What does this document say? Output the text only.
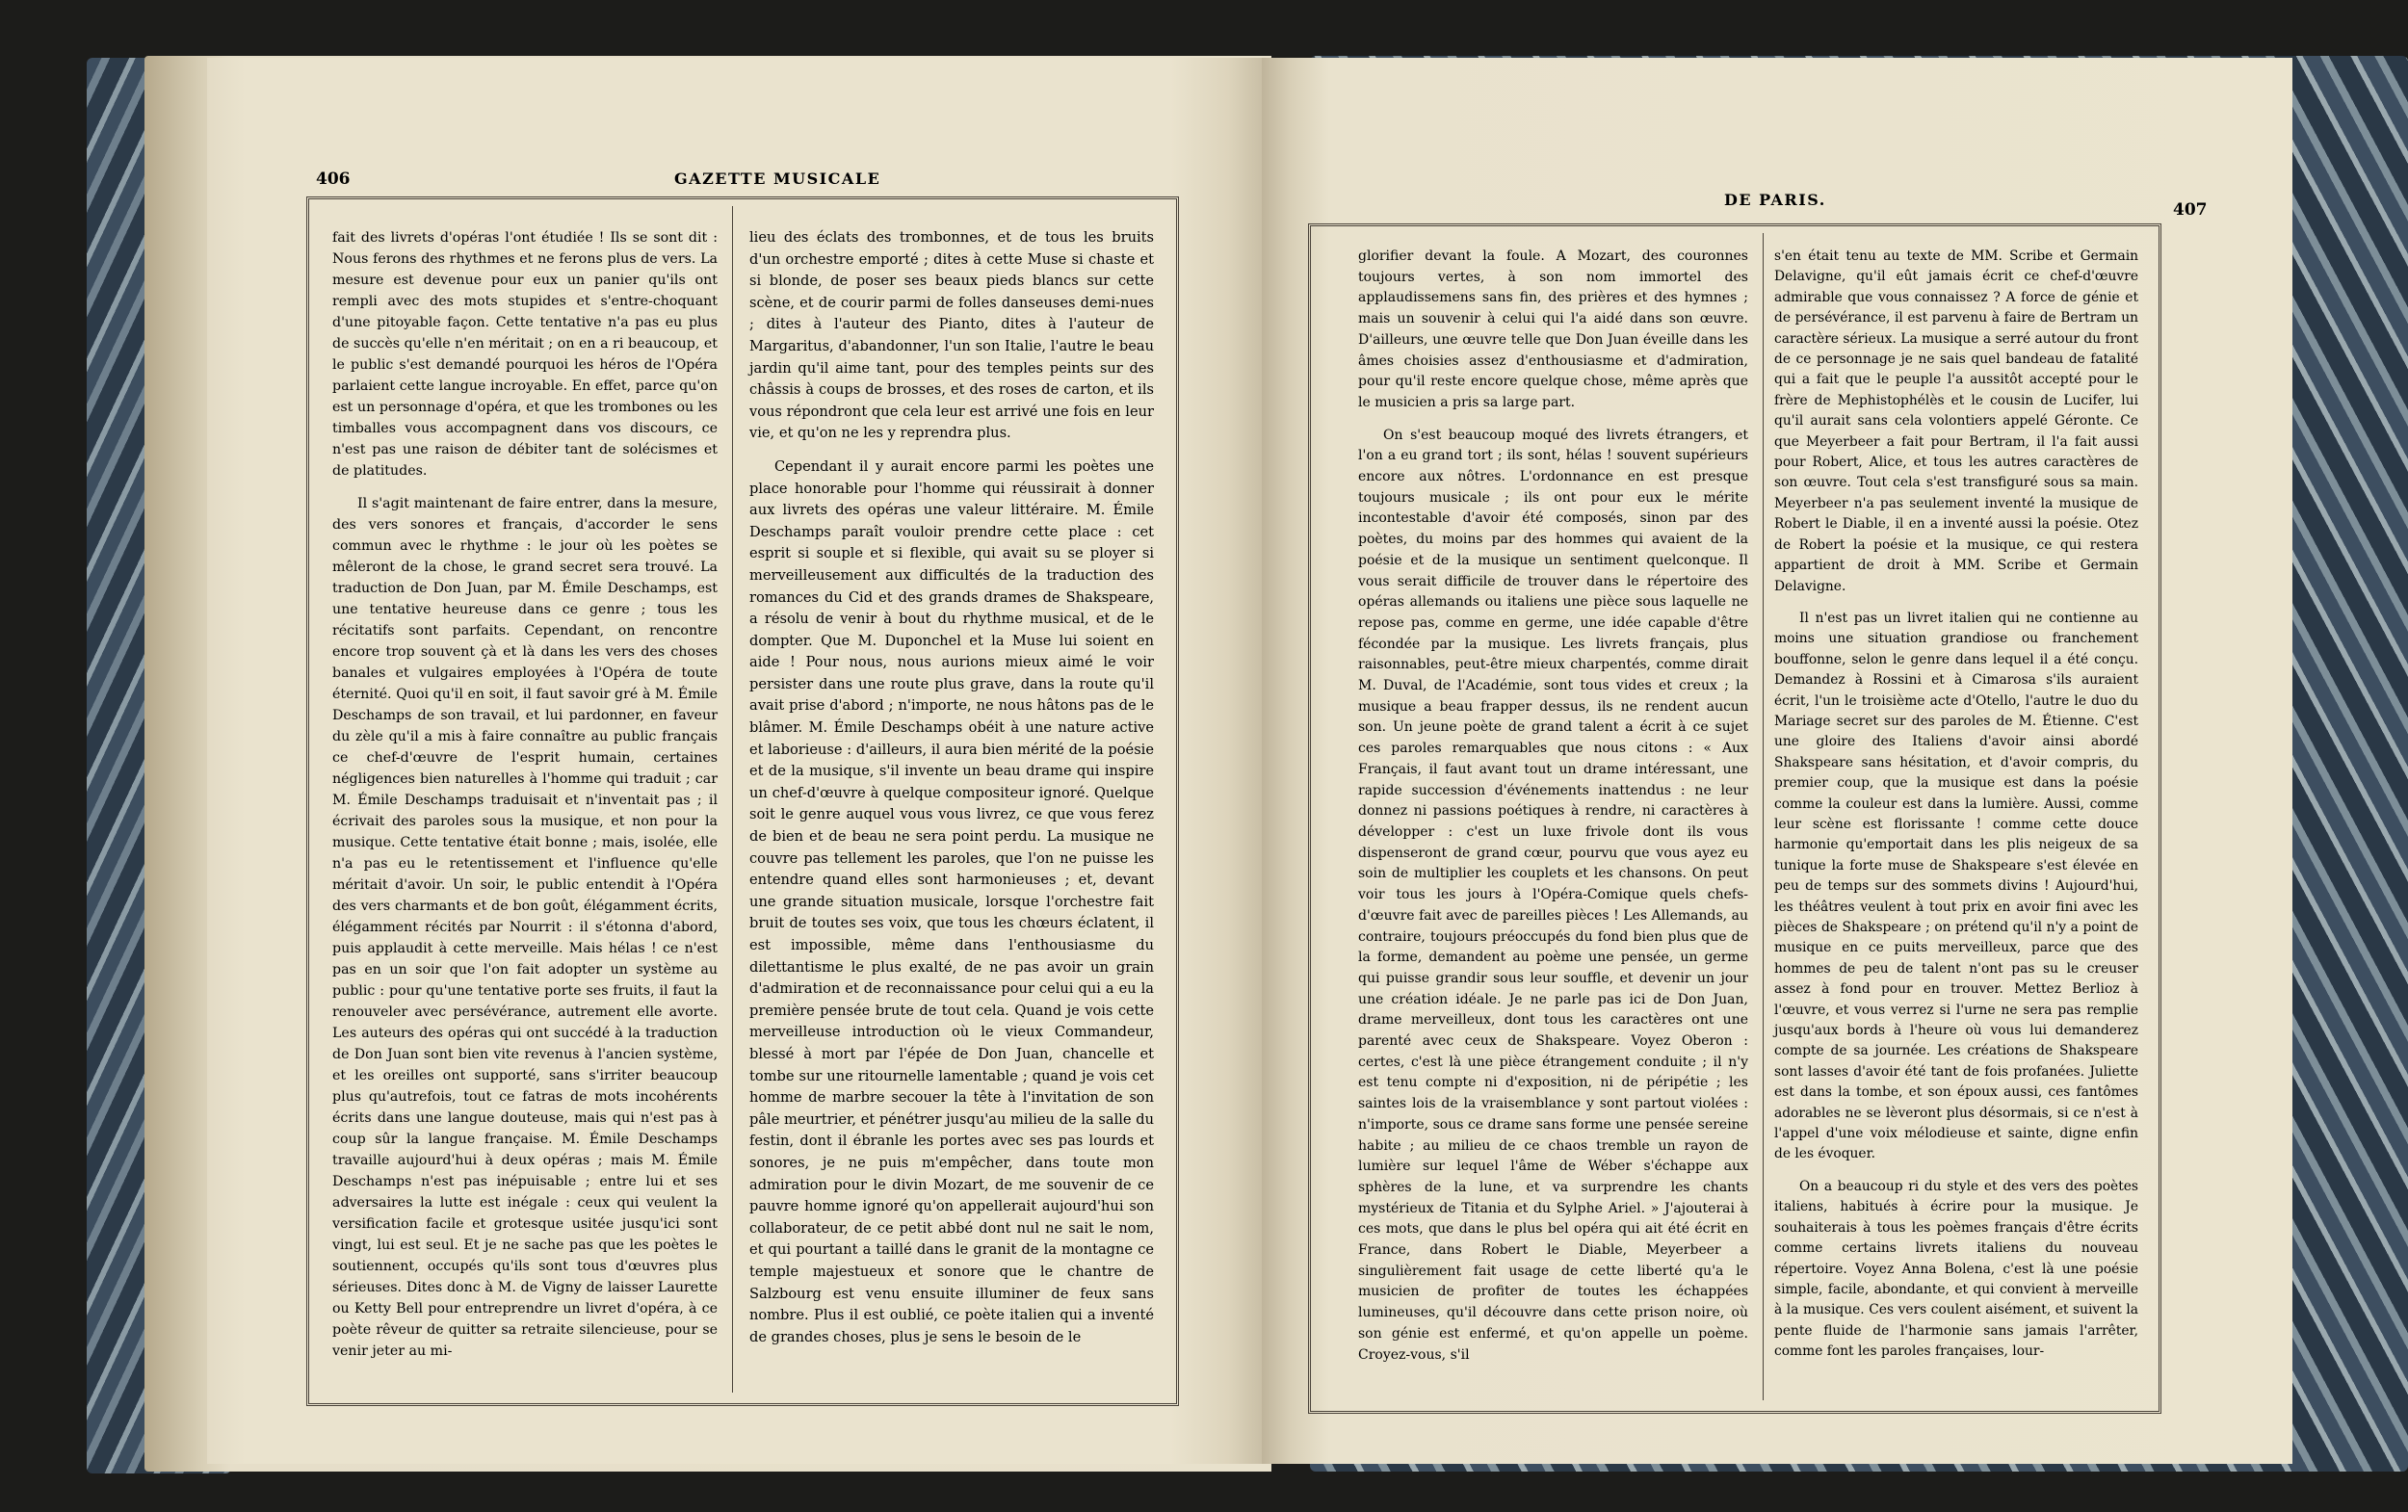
406	GAZETTE MUSICALE

fait des livrets d'opéras l'ont étudiée ! Ils se sont dit : Nous ferons des rhythmes et ne ferons plus de vers. La mesure est devenue pour eux un panier qu'ils ont rempli avec des mots stupides et s'entre-choquant d'une pitoyable façon. Cette tentative n'a pas eu plus de succès qu'elle n'en méritait ; on en a ri beaucoup, et le public s'est demandé pourquoi les héros de l'Opéra parlaient cette langue incroyable. En effet, parce qu'on est un personnage d'opéra, et que les trombones ou les timballes vous accompagnent dans vos discours, ce n'est pas une raison de débiter tant de solécismes et de platitudes.

Il s'agit maintenant de faire entrer, dans la mesure, des vers sonores et français, d'accorder le sens commun avec le rhythme : le jour où les poètes se mêleront de la chose, le grand secret sera trouvé. La traduction de Don Juan, par M. Émile Deschamps, est une tentative heureuse dans ce genre ; tous les récitatifs sont parfaits. Cependant, on rencontre encore trop souvent çà et là dans les vers des choses banales et vulgaires employées à l'Opéra de toute éternité. Quoi qu'il en soit, il faut savoir gré à M. Émile Deschamps de son travail, et lui pardonner, en faveur du zèle qu'il a mis à faire connaître au public français ce chef-d'œuvre de l'esprit humain, certaines négligences bien naturelles à l'homme qui traduit ; car M. Émile Deschamps traduisait et n'inventait pas ; il écrivait des paroles sous la musique, et non pour la musique. Cette tentative était bonne ; mais, isolée, elle n'a pas eu le retentissement et l'influence qu'elle méritait d'avoir. Un soir, le public entendit à l'Opéra des vers charmants et de bon goût, élégamment écrits, élégamment récités par Nourrit : il s'étonna d'abord, puis applaudit à cette merveille. Mais hélas ! ce n'est pas en un soir que l'on fait adopter un système au public : pour qu'une tentative porte ses fruits, il faut la renouveler avec persévérance, autrement elle avorte. Les auteurs des opéras qui ont succédé à la traduction de Don Juan sont bien vite revenus à l'ancien système, et les oreilles ont supporté, sans s'irriter beaucoup plus qu'autrefois, tout ce fatras de mots incohérents écrits dans une langue douteuse, mais qui n'est pas à coup sûr la langue française. M. Émile Deschamps travaille aujourd'hui à deux opéras ; mais M. Émile Deschamps n'est pas inépuisable ; entre lui et ses adversaires la lutte est inégale : ceux qui veulent la versification facile et grotesque usitée jusqu'ici sont vingt, lui est seul. Et je ne sache pas que les poètes le soutiennent, occupés qu'ils sont tous d'œuvres plus sérieuses. Dites donc à M. de Vigny de laisser Laurette ou Ketty Bell pour entreprendre un livret d'opéra, à ce poète rêveur de quitter sa retraite silencieuse, pour se venir jeter au mi-

lieu des éclats des trombonnes, et de tous les bruits d'un orchestre emporté ; dites à cette Muse si chaste et si blonde, de poser ses beaux pieds blancs sur cette scène, et de courir parmi de folles danseuses demi-nues ; dites à l'auteur des Pianto, dites à l'auteur de Margaritus, d'abandonner, l'un son Italie, l'autre le beau jardin qu'il aime tant, pour des temples peints sur des châssis à coups de brosses, et des roses de carton, et ils vous répondront que cela leur est arrivé une fois en leur vie, et qu'on ne les y reprendra plus.

Cependant il y aurait encore parmi les poètes une place honorable pour l'homme qui réussirait à donner aux livrets des opéras une valeur littéraire. M. Émile Deschamps paraît vouloir prendre cette place : cet esprit si souple et si flexible, qui avait su se ployer si merveilleusement aux difficultés de la traduction des romances du Cid et des grands drames de Shakspeare, a résolu de venir à bout du rhythme musical, et de le dompter. Que M. Duponchel et la Muse lui soient en aide ! Pour nous, nous aurions mieux aimé le voir persister dans une route plus grave, dans la route qu'il avait prise d'abord ; n'importe, ne nous hâtons pas de le blâmer. M. Émile Deschamps obéit à une nature active et laborieuse : d'ailleurs, il aura bien mérité de la poésie et de la musique, s'il invente un beau drame qui inspire un chef-d'œuvre à quelque compositeur ignoré. Quelque soit le genre auquel vous vous livrez, ce que vous ferez de bien et de beau ne sera point perdu. La musique ne couvre pas tellement les paroles, que l'on ne puisse les entendre quand elles sont harmonieuses ; et, devant une grande situation musicale, lorsque l'orchestre fait bruit de toutes ses voix, que tous les chœurs éclatent, il est impossible, même dans l'enthousiasme du dilettantisme le plus exalté, de ne pas avoir un grain d'admiration et de reconnaissance pour celui qui a eu la première pensée brute de tout cela. Quand je vois cette merveilleuse introduction où le vieux Commandeur, blessé à mort par l'épée de Don Juan, chancelle et tombe sur une ritournelle lamentable ; quand je vois cet homme de marbre secouer la tête à l'invitation de son pâle meurtrier, et pénétrer jusqu'au milieu de la salle du festin, dont il ébranle les portes avec ses pas lourds et sonores, je ne puis m'empêcher, dans toute mon admiration pour le divin Mozart, de me souvenir de ce pauvre homme ignoré qu'on appellerait aujourd'hui son collaborateur, de ce petit abbé dont nul ne sait le nom, et qui pourtant a taillé dans le granit de la montagne ce temple majestueux et sonore que le chantre de Salzbourg est venu ensuite illuminer de feux sans nombre. Plus il est oublié, ce poète italien qui a inventé de grandes choses, plus je sens le besoin de le

DE PARIS.
407

glorifier devant la foule. A Mozart, des couronnes toujours vertes, à son nom immortel des applaudissemens sans fin, des prières et des hymnes ; mais un souvenir à celui qui l'a aidé dans son œuvre. D'ailleurs, une œuvre telle que Don Juan éveille dans les âmes choisies assez d'enthousiasme et d'admiration, pour qu'il reste encore quelque chose, même après que le musicien a pris sa large part.

On s'est beaucoup moqué des livrets étrangers, et l'on a eu grand tort ; ils sont, hélas ! souvent supérieurs encore aux nôtres. L'ordonnance en est presque toujours musicale ; ils ont pour eux le mérite incontestable d'avoir été composés, sinon par des poètes, du moins par des hommes qui avaient de la poésie et de la musique un sentiment quelconque. Il vous serait difficile de trouver dans le répertoire des opéras allemands ou italiens une pièce sous laquelle ne repose pas, comme en germe, une idée capable d'être fécondée par la musique. Les livrets français, plus raisonnables, peut-être mieux charpentés, comme dirait M. Duval, de l'Académie, sont tous vides et creux ; la musique a beau frapper dessus, ils ne rendent aucun son. Un jeune poète de grand talent a écrit à ce sujet ces paroles remarquables que nous citons : « Aux Français, il faut avant tout un drame intéressant, une rapide succession d'événements inattendus : ne leur donnez ni passions poétiques à rendre, ni caractères à développer : c'est un luxe frivole dont ils vous dispenseront de grand cœur, pourvu que vous ayez eu soin de multiplier les couplets et les chansons. On peut voir tous les jours à l'Opéra-Comique quels chefs-d'œuvre fait avec de pareilles pièces ! Les Allemands, au contraire, toujours préoccupés du fond bien plus que de la forme, demandent au poème une pensée, un germe qui puisse grandir sous leur souffle, et devenir un jour une création idéale. Je ne parle pas ici de Don Juan, drame merveilleux, dont tous les caractères ont une parenté avec ceux de Shakspeare. Voyez Oberon : certes, c'est là une pièce étrangement conduite ; il n'y est tenu compte ni d'exposition, ni de péripétie ; les saintes lois de la vraisemblance y sont partout violées : n'importe, sous ce drame sans forme une pensée sereine habite ; au milieu de ce chaos tremble un rayon de lumière sur lequel l'âme de Wéber s'échappe aux sphères de la lune, et va surprendre les chants mystérieux de Titania et du Sylphe Ariel. » J'ajouterai à ces mots, que dans le plus bel opéra qui ait été écrit en France, dans Robert le Diable, Meyerbeer a singulièrement fait usage de cette liberté qu'a le musicien de profiter de toutes les échappées lumineuses, qu'il découvre dans cette prison noire, où son génie est enfermé, et qu'on appelle un poème. Croyez-vous, s'il

s'en était tenu au texte de MM. Scribe et Germain Delavigne, qu'il eût jamais écrit ce chef-d'œuvre admirable que vous connaissez ? A force de génie et de persévérance, il est parvenu à faire de Bertram un caractère sérieux. La musique a serré autour du front de ce personnage je ne sais quel bandeau de fatalité qui a fait que le peuple l'a aussitôt accepté pour le frère de Mephistophélès et le cousin de Lucifer, lui qu'il aurait sans cela volontiers appelé Géronte. Ce que Meyerbeer a fait pour Bertram, il l'a fait aussi pour Robert, Alice, et tous les autres caractères de son œuvre. Tout cela s'est transfiguré sous sa main. Meyerbeer n'a pas seulement inventé la musique de Robert le Diable, il en a inventé aussi la poésie. Otez de Robert la poésie et la musique, ce qui restera appartient de droit à MM. Scribe et Germain Delavigne.

Il n'est pas un livret italien qui ne contienne au moins une situation grandiose ou franchement bouffonne, selon le genre dans lequel il a été conçu. Demandez à Rossini et à Cimarosa s'ils auraient écrit, l'un le troisième acte d'Otello, l'autre le duo du Mariage secret sur des paroles de M. Étienne. C'est une gloire des Italiens d'avoir ainsi abordé Shakspeare sans hésitation, et d'avoir compris, du premier coup, que la musique est dans la poésie comme la couleur est dans la lumière. Aussi, comme leur scène est florissante ! comme cette douce harmonie qu'emportait dans les plis neigeux de sa tunique la forte muse de Shakspeare s'est élevée en peu de temps sur des sommets divins ! Aujourd'hui, les théâtres veulent à tout prix en avoir fini avec les pièces de Shakspeare ; on prétend qu'il n'y a point de musique en ce puits merveilleux, parce que des hommes de peu de talent n'ont pas su le creuser assez à fond pour en trouver. Mettez Berlioz à l'œuvre, et vous verrez si l'urne ne sera pas remplie jusqu'aux bords à l'heure où vous lui demanderez compte de sa journée. Les créations de Shakspeare sont lasses d'avoir été tant de fois profanées. Juliette est dans la tombe, et son époux aussi, ces fantômes adorables ne se lèveront plus désormais, si ce n'est à l'appel d'une voix mélodieuse et sainte, digne enfin de les évoquer.

On a beaucoup ri du style et des vers des poètes italiens, habitués à écrire pour la musique. Je souhaiterais à tous les poèmes français d'être écrits comme certains livrets italiens du nouveau répertoire. Voyez Anna Bolena, c'est là une poésie simple, facile, abondante, et qui convient à merveille à la musique. Ces vers coulent aisément, et suivent la pente fluide de l'harmonie sans jamais l'arrêter, comme font les paroles françaises, lour-
